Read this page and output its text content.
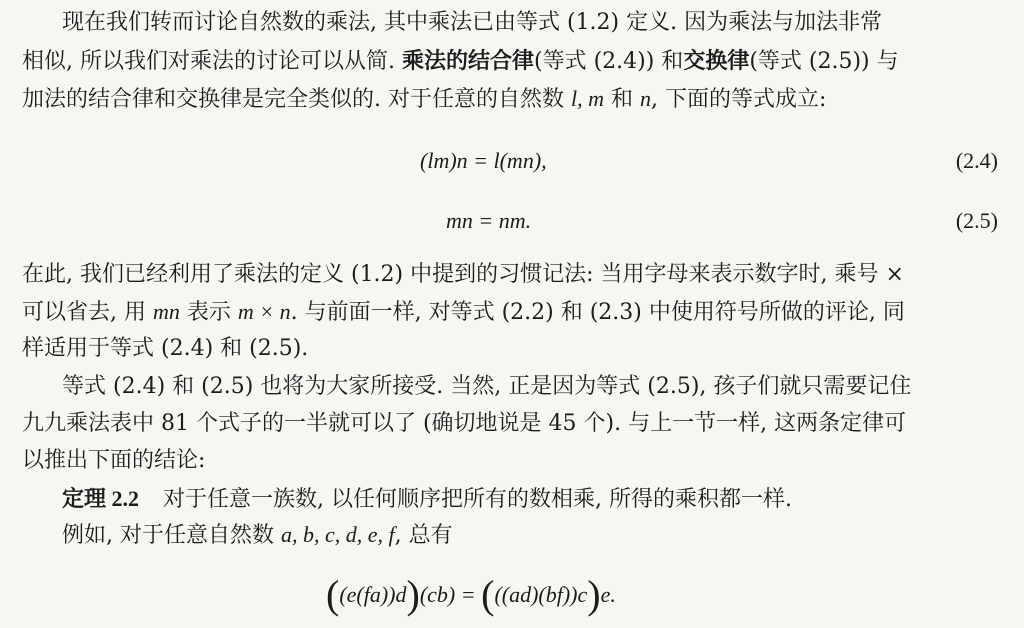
现在我们转而讨论自然数的乘法, 其中乘法已由等式 (1.2) 定义. 因为乘法与加法非常
相似, 所以我们对乘法的讨论可以从简. 乘法的结合律(等式 (2.4)) 和交换律(等式 (2.5)) 与
加法的结合律和交换律是完全类似的. 对于任意的自然数 l, m 和 n, 下面的等式成立:
(lm)n = l(mn),	(2.4)
mn = nm.	(2.5)
在此, 我们已经利用了乘法的定义 (1.2) 中提到的习惯记法: 当用字母来表示数字时, 乘号 ×
可以省去, 用 mn 表示 m × n. 与前面一样, 对等式 (2.2) 和 (2.3) 中使用符号所做的评论, 同
样适用于等式 (2.4) 和 (2.5).
等式 (2.4) 和 (2.5) 也将为大家所接受. 当然, 正是因为等式 (2.5), 孩子们就只需要记住
九九乘法表中 81 个式子的一半就可以了 (确切地说是 45 个). 与上一节一样, 这两条定律可
以推出下面的结论:
定理 2.2 对于任意一族数, 以任何顺序把所有的数相乘, 所得的乘积都一样.
例如, 对于任意自然数 a, b, c, d, e, f, 总有
((e(fa))d)(cb) = (((ad)(bf))c)e.
